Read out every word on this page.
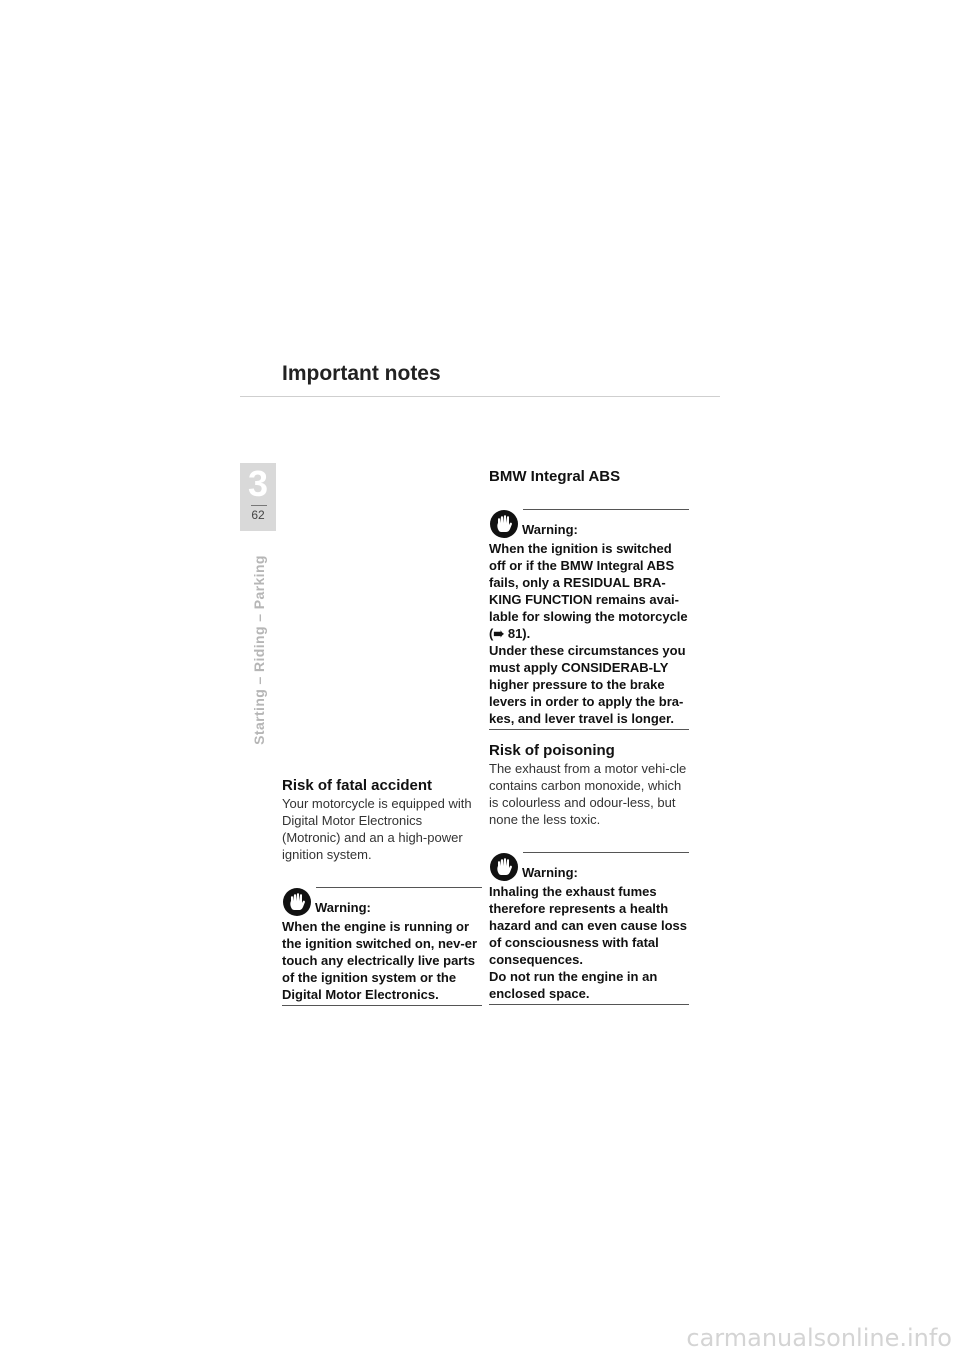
Important notes
3
62
Starting – Riding – Parking
Risk of fatal accident
Your motorcycle is equipped with Digital Motor Electronics (Motronic) and an a high-power ignition system.
Warning:

When the engine is running or the ignition switched on, nev-er touch any electrically live parts of the ignition system or the Digital Motor Electronics.

BMW Integral ABS
Warning:

When the ignition is switched off or if the BMW Integral ABS fails, only a RESIDUAL BRA-KING FUNCTION remains avai-lable for slowing the motorcycle (➠ 81).

Under these circumstances you must apply CONSIDERAB-LY higher pressure to the brake levers in order to apply the bra-kes, and lever travel is longer.

Risk of poisoning
The exhaust from a motor vehi-cle contains carbon monoxide, which is colourless and odour-less, but none the less toxic.
Warning:

Inhaling the exhaust fumes therefore represents a health hazard and can even cause loss of consciousness with fatal consequences.

Do not run the engine in an enclosed space.

carmanualsonline.info
